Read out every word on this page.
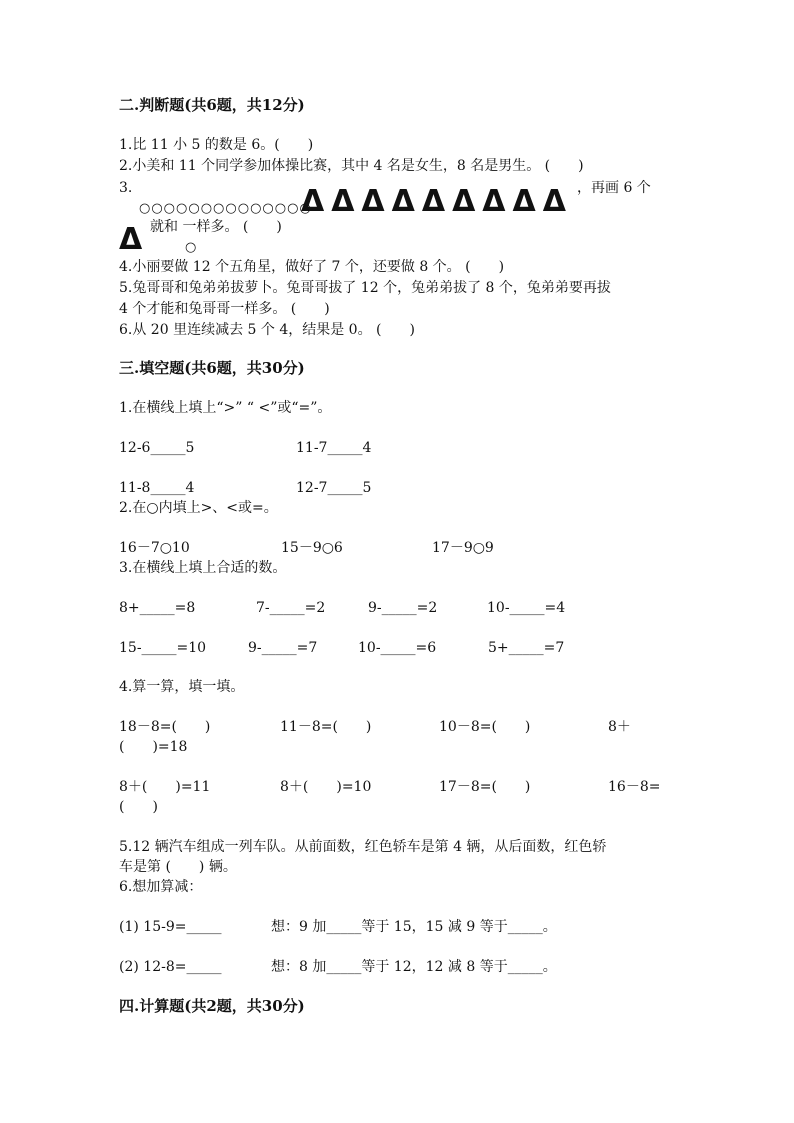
二.判断题(共6题，共12分)
1.比 11 小 5 的数是 6。(　　)
2.小美和 11 个同学参加体操比赛，其中 4 名是女生，8 名是男生。 (　　)
3.
○○○○○○○○○○○○○○
ΔΔΔΔΔΔΔΔΔ ，再画 6 个
就和 一样多。 (　　)
Δ	○
4.小丽要做 12 个五角星，做好了 7 个，还要做 8 个。 (　　)
5.兔哥哥和兔弟弟拔萝卜。兔哥哥拔了 12 个，兔弟弟拔了 8 个，兔弟弟要再拔
4 个才能和兔哥哥一样多。 (　　)
6.从 20 里连续减去 5 个 4，结果是 0。 (　　)
三.填空题(共6题，共30分)
1.在横线上填上“>” “ <”或“=”。
12-6_____5	11-7_____4
11-8_____4	12-7_____5
2.在○内填上>、<或=。
16－7○10	15－9○6	17－9○9
3.在横线上填上合适的数。
8+_____=8	7-_____=2	9-_____=2	10-_____=4
15-_____=10	9-_____=7	10-_____=6	5+_____=7
4.算一算，填一填。
18－8=(　　)	11－8=(　　)	10－8=(　　)	8＋
(　　)=18
8＋(　　)=11	8＋(　　)=10	17－8=(　　)	16－8=
(　　)
5.12 辆汽车组成一列车队。从前面数，红色轿车是第 4 辆，从后面数，红色轿
车是第 (　　) 辆。
6.想加算减：
(1) 15-9=_____	想：9 加_____等于 15，15 减 9 等于_____。
(2) 12-8=_____	想：8 加_____等于 12，12 减 8 等于_____。
四.计算题(共2题，共30分)
